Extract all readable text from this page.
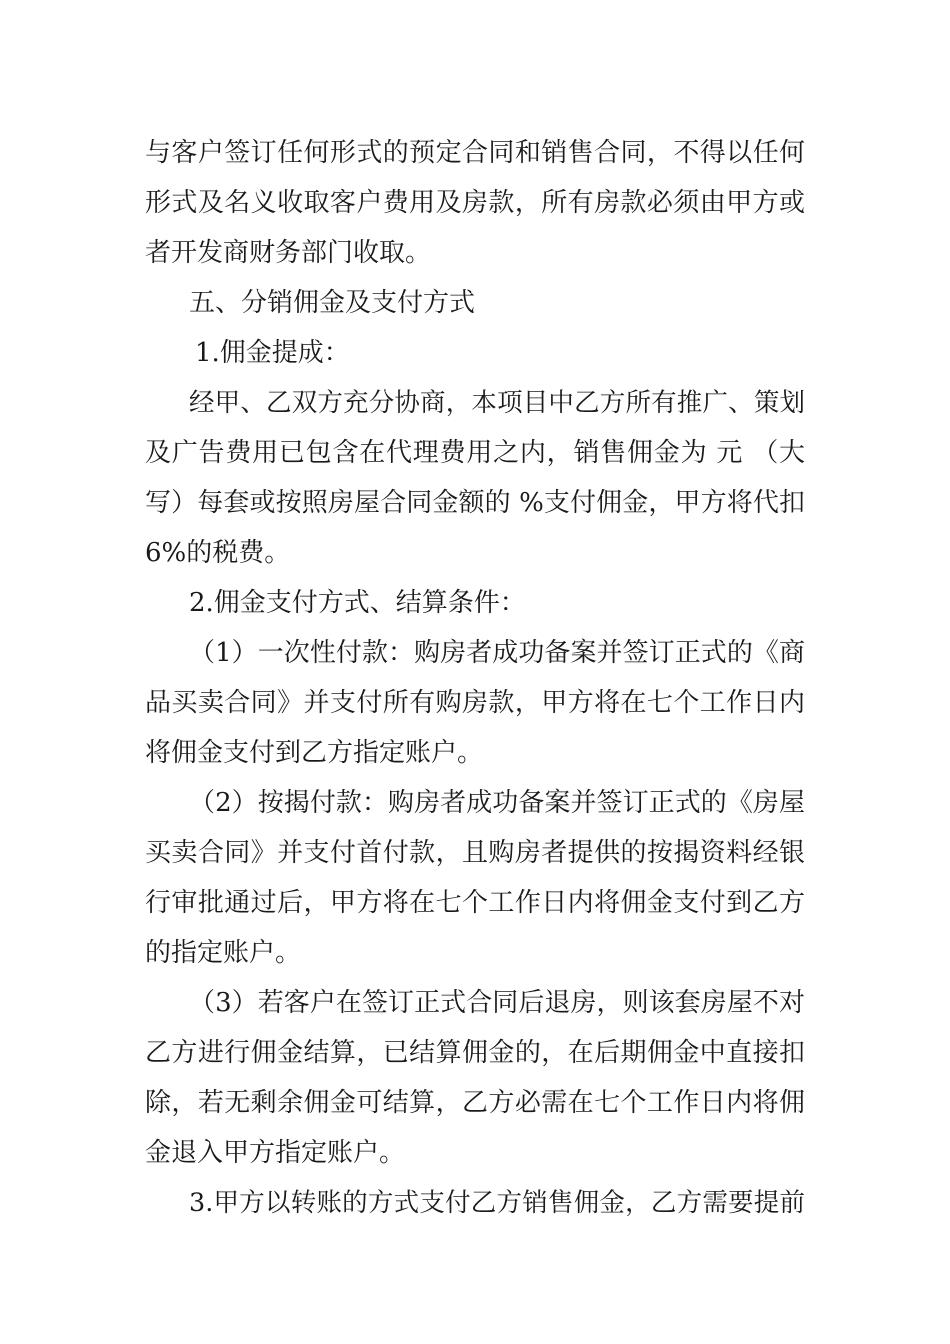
与客户签订任何形式的预定合同和销售合同，不得以任何
形式及名义收取客户费用及房款，所有房款必须由甲方或
者开发商财务部门收取。
五、分销佣金及支付方式
1.佣金提成：
经甲、乙双方充分协商，本项目中乙方所有推广、策划
及广告费用已包含在代理费用之内，销售佣金为 元 （大
写）每套或按照房屋合同金额的 %支付佣金，甲方将代扣
6%的税费。
2.佣金支付方式、结算条件：
（1）一次性付款：购房者成功备案并签订正式的《商
品买卖合同》并支付所有购房款，甲方将在七个工作日内
将佣金支付到乙方指定账户。
（2）按揭付款：购房者成功备案并签订正式的《房屋
买卖合同》并支付首付款，且购房者提供的按揭资料经银
行审批通过后，甲方将在七个工作日内将佣金支付到乙方
的指定账户。
（3）若客户在签订正式合同后退房，则该套房屋不对
乙方进行佣金结算，已结算佣金的，在后期佣金中直接扣
除，若无剩余佣金可结算，乙方必需在七个工作日内将佣
金退入甲方指定账户。
3.甲方以转账的方式支付乙方销售佣金，乙方需要提前
